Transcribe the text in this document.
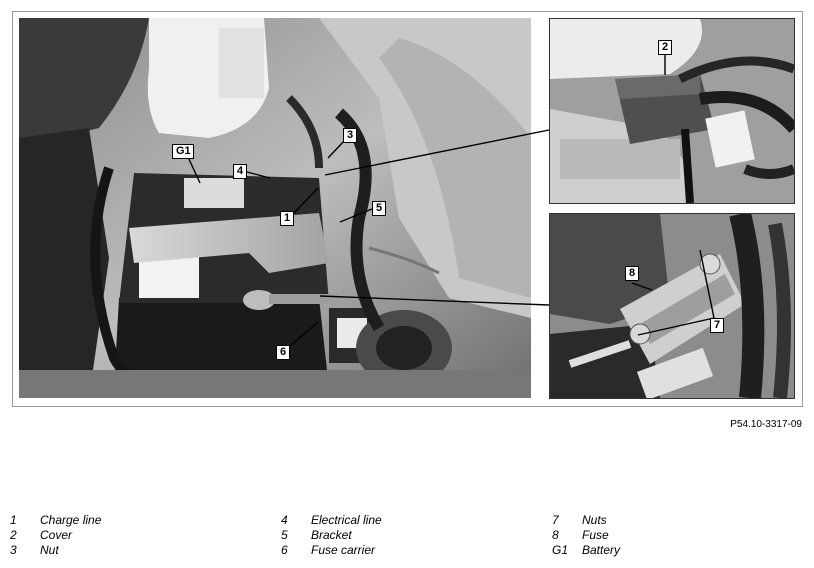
G1
4
3
1
5
6
2
8
7
P54.10-3317-09
1	Charge line
2	Cover
3	Nut
4	Electrical line
5	Bracket
6	Fuse carrier
7	Nuts
8	Fuse
G1	Battery
